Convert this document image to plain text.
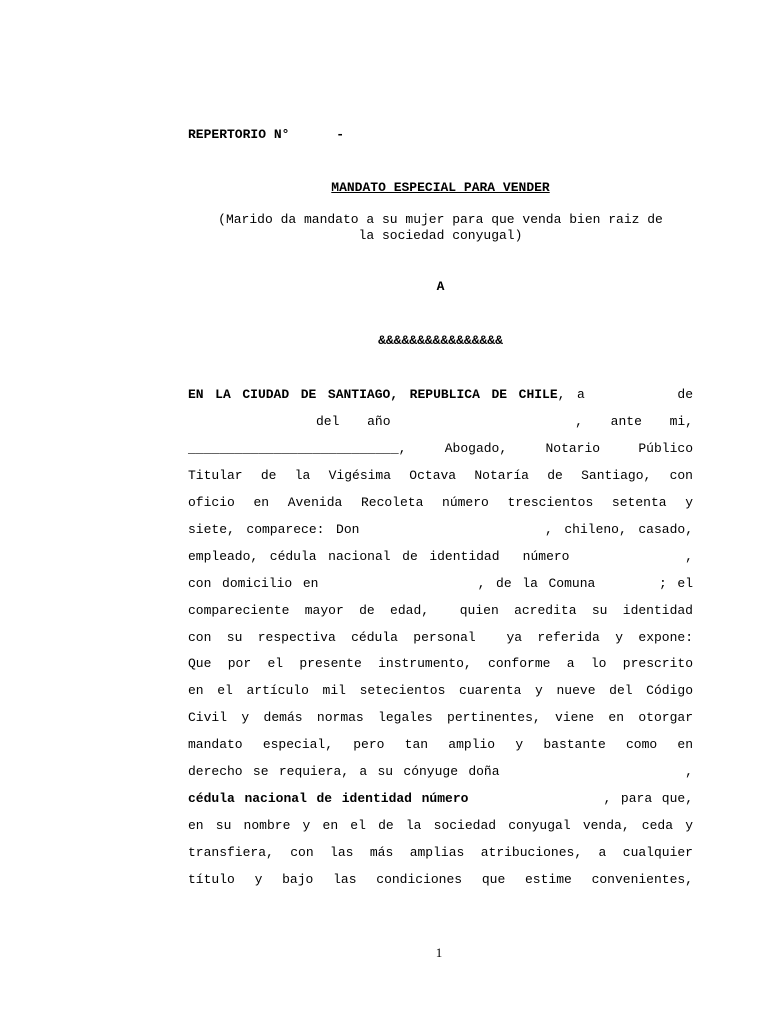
REPERTORIO N°      -
MANDATO ESPECIAL PARA VENDER
(Marido da mandato a su mujer para que venda bien raiz de
la sociedad conyugal)
A
&&&&&&&&&&&&&&&&
EN LA CIUDAD DE SANTIAGO, REPUBLICA DE CHILE, a        de
del   año                    ,   ante   mi,
___________________________,   Abogado,   Notario   Público
Titular de la Vigésima Octava Notaría de Santiago, con
oficio en Avenida Recoleta número trescientos setenta y
siete, comparece: Don                , chileno, casado,
empleado, cédula nacional de identidad  número          ,
con domicilio en               , de la Comuna      ; el
compareciente mayor de edad,  quien acredita su identidad
con su respectiva cédula personal  ya referida y expone:
Que por el presente instrumento, conforme a lo prescrito
en el artículo mil setecientos cuarenta y nueve del Código
Civil y demás normas legales pertinentes, viene en otorgar
mandato  especial,  pero  tan  amplio  y  bastante  como  en
derecho se requiera, a su cónyuge doña                  ,
cédula nacional de identidad número              , para que,
en su nombre y en el de la sociedad conyugal venda, ceda y
transfiera, con las más amplias atribuciones, a cualquier
título  y  bajo  las  condiciones  que  estime  convenientes,
1
